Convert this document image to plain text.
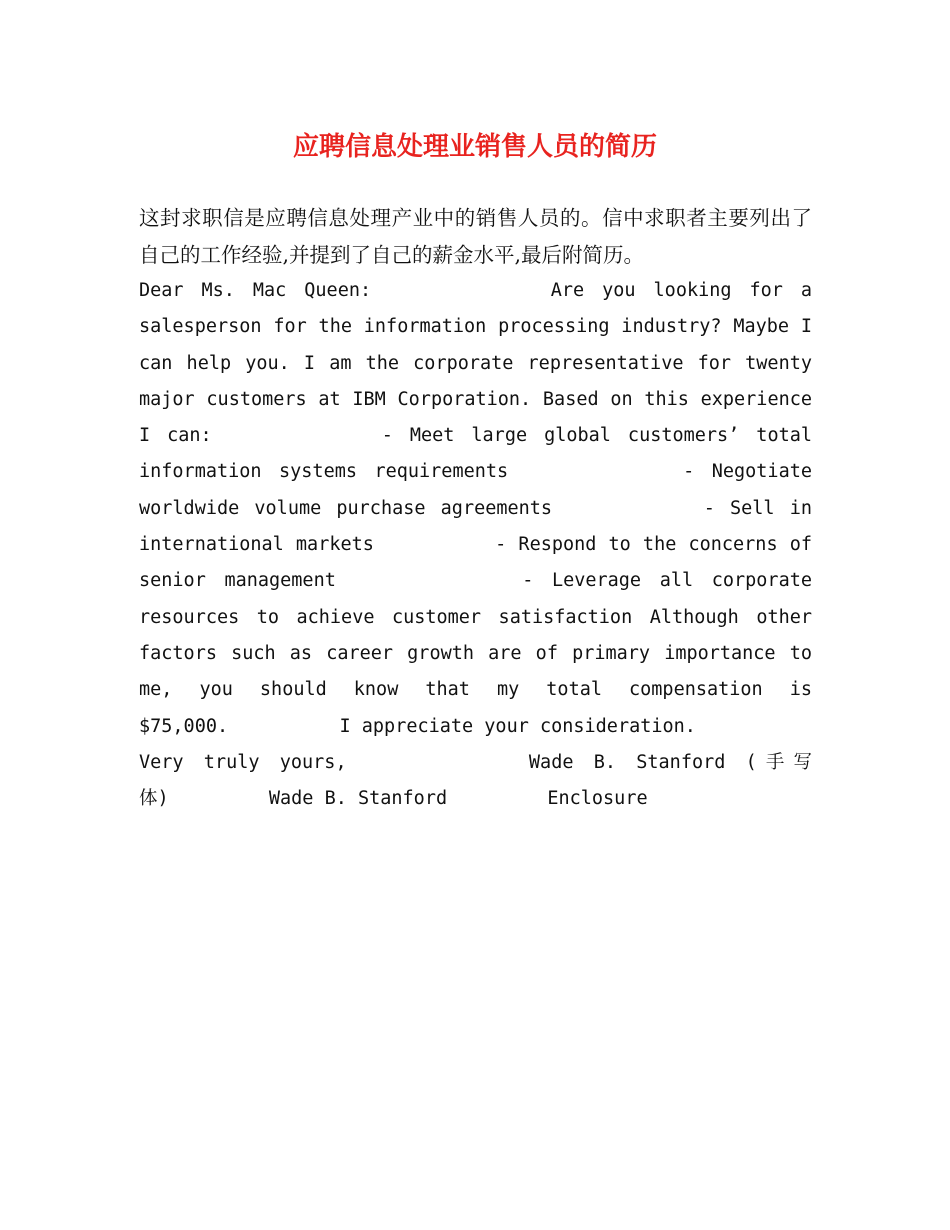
应聘信息处理业销售人员的简历

这封求职信是应聘信息处理产业中的销售人员的。信中求职者主要列出了自己的工作经验,并提到了自己的薪金水平,最后附简历。

Dear Ms. Mac Queen:	Are you looking for a salesperson for the information processing industry? Maybe I can help you. I am the corporate representative for twenty major customers at IBM Corporation. Based on this experience I can:	- Meet large global customers’ total information systems requirements	- Negotiate worldwide volume purchase agreements	- Sell in international markets	- Respond to the concerns of senior management	- Leverage all corporate resources to achieve customer satisfaction Although other factors such as career growth are of primary importance to me, you should know that my total compensation is $75,000.	I appreciate your consideration.
Very truly yours,	Wade B. Stanford (手写体)	Wade B. Stanford	Enclosure
